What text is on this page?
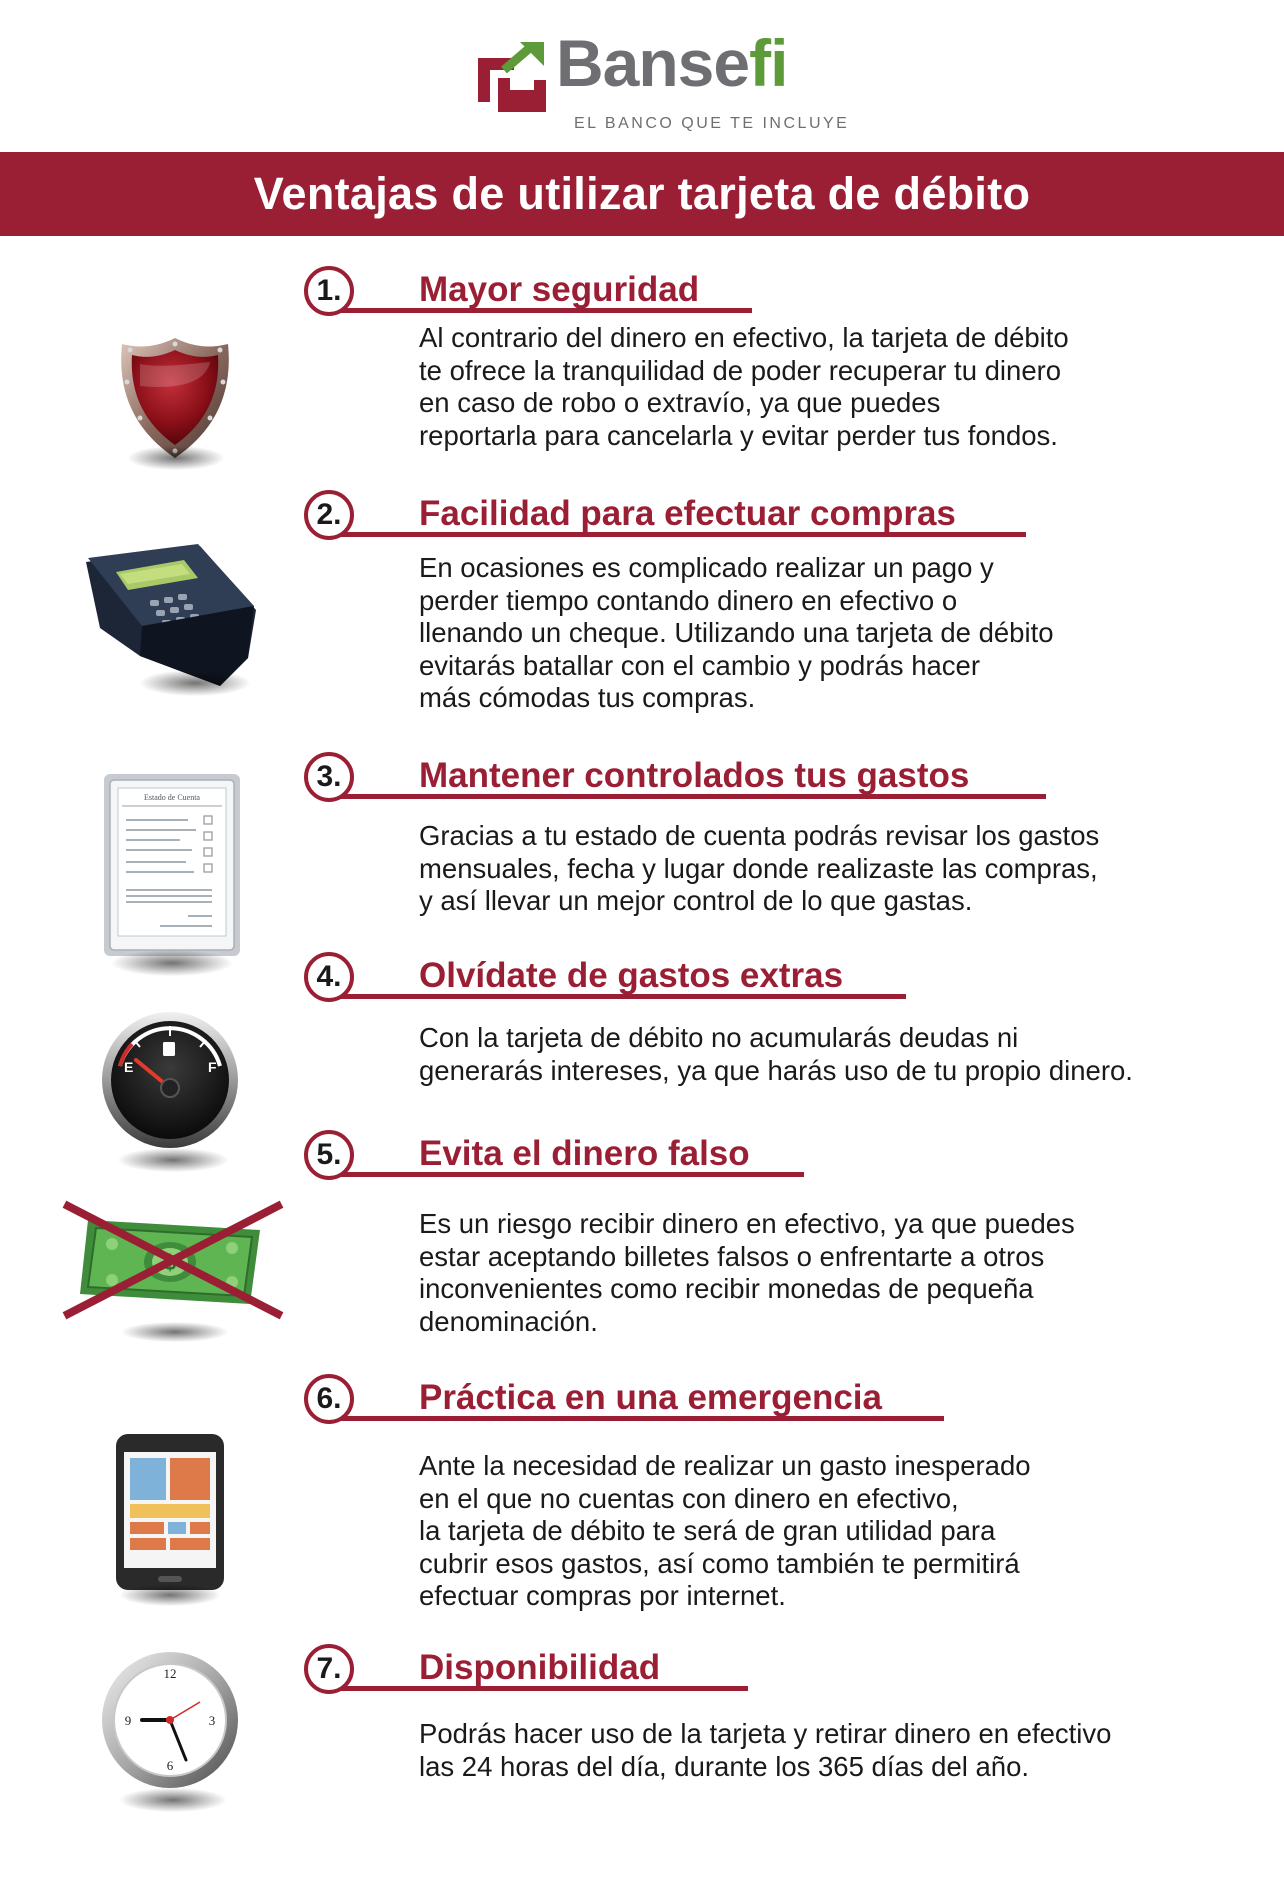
Bansefi
EL BANCO QUE TE INCLUYE
Ventajas de utilizar tarjeta de débito
1.	Mayor seguridad

Al contrario del dinero en efectivo, la tarjeta de débito
te ofrece la tranquilidad de poder recuperar tu dinero
en caso de robo o extravío, ya que puedes
reportarla para cancelarla y evitar perder tus fondos.

2.	Facilidad para efectuar compras

En ocasiones es complicado realizar un pago y
perder tiempo contando dinero en efectivo o
llenando un cheque. Utilizando una tarjeta de débito
evitarás batallar con el cambio y podrás hacer
más cómodas tus compras.

3.	Mantener controlados tus gastos

Gracias a tu estado de cuenta podrás revisar los gastos
mensuales, fecha y lugar donde realizaste las compras,
y así llevar un mejor control de lo que gastas.

Estado de Cuenta
4.	Olvídate de gastos extras

Con la tarjeta de débito no acumularás deudas ni
generarás intereses, ya que harás uso de tu propio dinero.

E	F
5.	Evita el dinero falso

Es un riesgo recibir dinero en efectivo, ya que puedes
estar aceptando billetes falsos o enfrentarte a otros
inconvenientes como recibir monedas de pequeña
denominación.

6.	Práctica en una emergencia

Ante la necesidad de realizar un gasto inesperado
en el que no cuentas con dinero en efectivo,
la tarjeta de débito te será de gran utilidad para
cubrir esos gastos, así como también te permitirá
efectuar compras por internet.

7.	Disponibilidad

Podrás hacer uso de la tarjeta y retirar dinero en efectivo
las 24 horas del día, durante los 365 días del año.

12
3
6
9
